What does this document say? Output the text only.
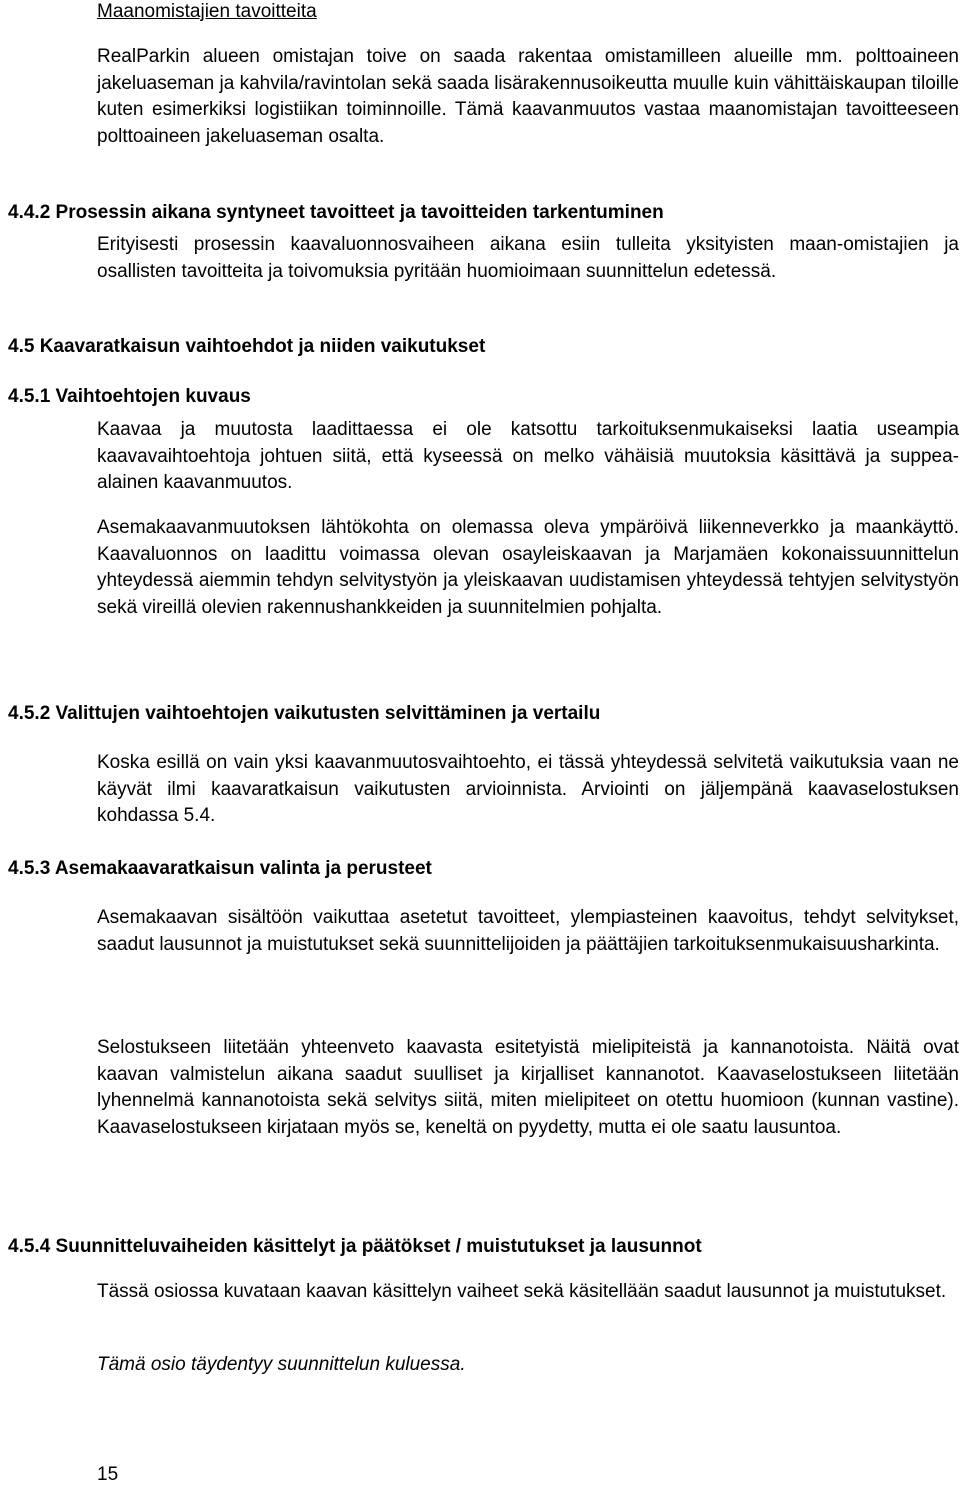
Maanomistajien tavoitteita
RealParkin alueen omistajan toive on saada rakentaa omistamilleen alueille mm. polttoaineen jakeluaseman ja kahvila/ravintolan sekä saada lisärakennusoikeutta muulle kuin vähittäiskaupan tiloille kuten esimerkiksi logistiikan toiminnoille. Tämä kaavanmuutos vastaa maanomistajan tavoitteeseen polttoaineen jakeluaseman osalta.
4.4.2 Prosessin aikana syntyneet tavoitteet ja tavoitteiden tarkentuminen
Erityisesti prosessin kaavaluonnosvaiheen aikana esiin tulleita yksityisten maan-omistajien ja osallisten tavoitteita ja toivomuksia pyritään huomioimaan suunnittelun edetessä.
4.5 Kaavaratkaisun vaihtoehdot ja niiden vaikutukset
4.5.1 Vaihtoehtojen kuvaus
Kaavaa ja muutosta laadittaessa ei ole katsottu tarkoituksenmukaiseksi laatia useampia kaavavaihtoehtoja johtuen siitä, että kyseessä on melko vähäisiä muutoksia käsittävä ja suppea-alainen kaavanmuutos.
Asemakaavanmuutoksen lähtökohta on olemassa oleva ympäröivä liikenneverkko ja maankäyttö. Kaavaluonnos on laadittu voimassa olevan osayleiskaavan ja Marjamäen kokonaissuunnittelun yhteydessä aiemmin tehdyn selvitystyön ja yleiskaavan uudistamisen yhteydessä tehtyjen selvitystyön sekä vireillä olevien rakennushankkeiden ja suunnitelmien pohjalta.
4.5.2 Valittujen vaihtoehtojen vaikutusten selvittäminen ja vertailu
Koska esillä on vain yksi kaavanmuutosvaihtoehto, ei tässä yhteydessä selvitetä vaikutuksia vaan ne käyvät ilmi kaavaratkaisun vaikutusten arvioinnista. Arviointi on jäljempänä kaavaselostuksen kohdassa 5.4.
4.5.3 Asemakaavaratkaisun valinta ja perusteet
Asemakaavan sisältöön vaikuttaa asetetut tavoitteet, ylempiasteinen kaavoitus, tehdyt selvitykset, saadut lausunnot ja muistutukset sekä suunnittelijoiden ja päättäjien tarkoituksenmukaisuusharkinta.
Selostukseen liitetään yhteenveto kaavasta esitetyistä mielipiteistä ja kannanotoista. Näitä ovat kaavan valmistelun aikana saadut suulliset ja kirjalliset kannanotot. Kaavaselostukseen liitetään lyhennelmä kannanotoista sekä selvitys siitä, miten mielipiteet on otettu huomioon (kunnan vastine). Kaavaselostukseen kirjataan myös se, keneltä on pyydetty, mutta ei ole saatu lausuntoa.
4.5.4 Suunnitteluvaiheiden käsittelyt ja päätökset / muistutukset ja lausunnot
Tässä osiossa kuvataan kaavan käsittelyn vaiheet sekä käsitellään saadut lausunnot ja muistutukset.
Tämä osio täydentyy suunnittelun kuluessa.
15
